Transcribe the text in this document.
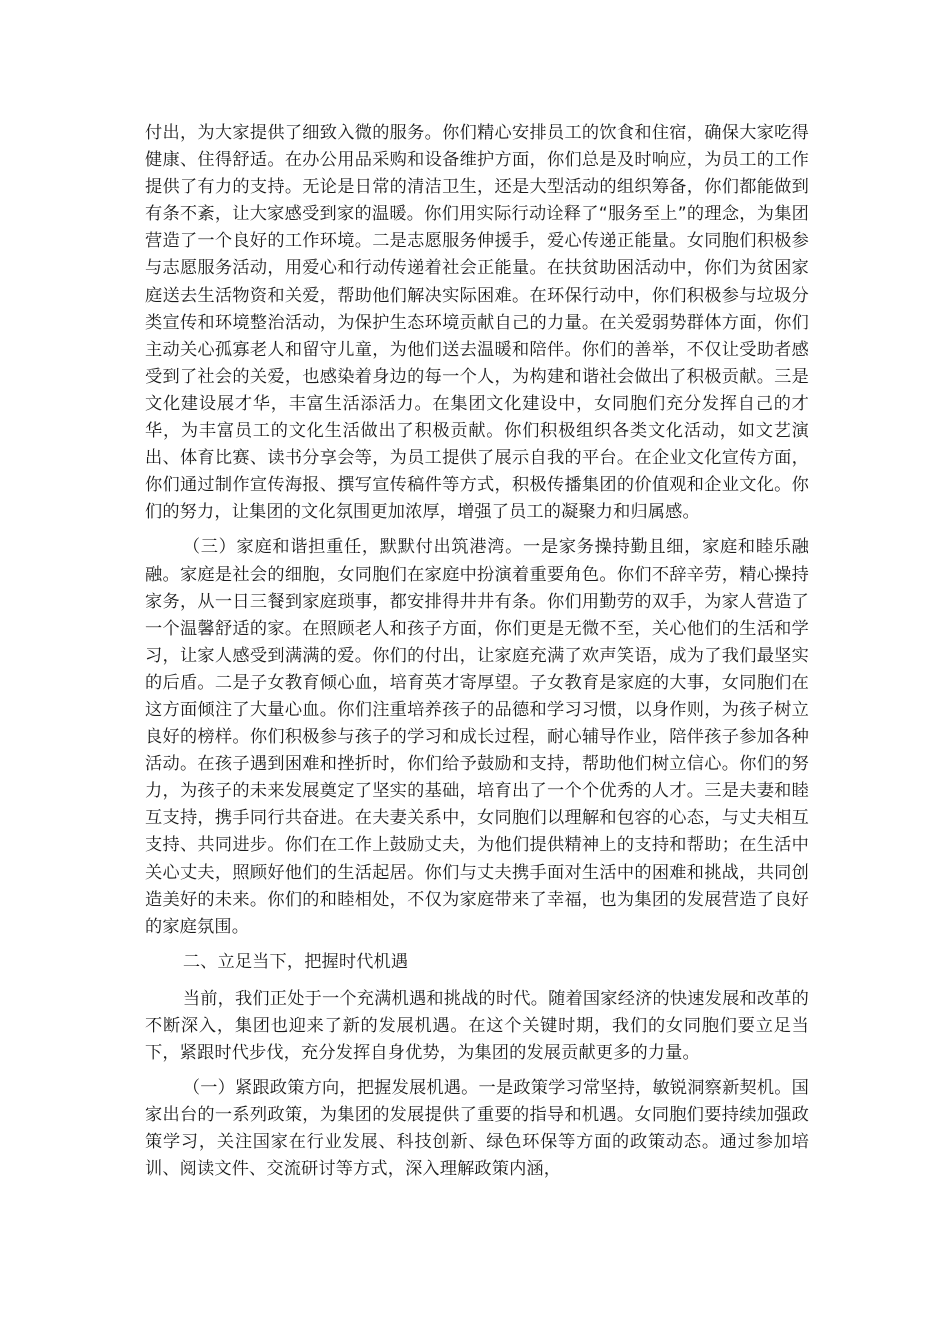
付出，为大家提供了细致入微的服务。你们精心安排员工的饮食和住宿，确保大家吃得健康、住得舒适。在办公用品采购和设备维护方面，你们总是及时响应，为员工的工作提供了有力的支持。无论是日常的清洁卫生，还是大型活动的组织筹备，你们都能做到有条不紊，让大家感受到家的温暖。你们用实际行动诠释了“服务至上”的理念，为集团营造了一个良好的工作环境。二是志愿服务伸援手，爱心传递正能量。女同胞们积极参与志愿服务活动，用爱心和行动传递着社会正能量。在扶贫助困活动中，你们为贫困家庭送去生活物资和关爱，帮助他们解决实际困难。在环保行动中，你们积极参与垃圾分类宣传和环境整治活动，为保护生态环境贡献自己的力量。在关爱弱势群体方面，你们主动关心孤寡老人和留守儿童，为他们送去温暖和陪伴。你们的善举，不仅让受助者感受到了社会的关爱，也感染着身边的每一个人，为构建和谐社会做出了积极贡献。三是文化建设展才华，丰富生活添活力。在集团文化建设中，女同胞们充分发挥自己的才华，为丰富员工的文化生活做出了积极贡献。你们积极组织各类文化活动，如文艺演出、体育比赛、读书分享会等，为员工提供了展示自我的平台。在企业文化宣传方面，你们通过制作宣传海报、撰写宣传稿件等方式，积极传播集团的价值观和企业文化。你们的努力，让集团的文化氛围更加浓厚，增强了员工的凝聚力和归属感。

（三）家庭和谐担重任，默默付出筑港湾。一是家务操持勤且细，家庭和睦乐融融。家庭是社会的细胞，女同胞们在家庭中扮演着重要角色。你们不辞辛劳，精心操持家务，从一日三餐到家庭琐事，都安排得井井有条。你们用勤劳的双手，为家人营造了一个温馨舒适的家。在照顾老人和孩子方面，你们更是无微不至，关心他们的生活和学习，让家人感受到满满的爱。你们的付出，让家庭充满了欢声笑语，成为了我们最坚实的后盾。二是子女教育倾心血，培育英才寄厚望。子女教育是家庭的大事，女同胞们在这方面倾注了大量心血。你们注重培养孩子的品德和学习习惯，以身作则，为孩子树立良好的榜样。你们积极参与孩子的学习和成长过程，耐心辅导作业，陪伴孩子参加各种活动。在孩子遇到困难和挫折时，你们给予鼓励和支持，帮助他们树立信心。你们的努力，为孩子的未来发展奠定了坚实的基础，培育出了一个个优秀的人才。三是夫妻和睦互支持，携手同行共奋进。在夫妻关系中，女同胞们以理解和包容的心态，与丈夫相互支持、共同进步。你们在工作上鼓励丈夫，为他们提供精神上的支持和帮助；在生活中关心丈夫，照顾好他们的生活起居。你们与丈夫携手面对生活中的困难和挑战，共同创造美好的未来。你们的和睦相处，不仅为家庭带来了幸福，也为集团的发展营造了良好的家庭氛围。

二、立足当下，把握时代机遇

当前，我们正处于一个充满机遇和挑战的时代。随着国家经济的快速发展和改革的不断深入，集团也迎来了新的发展机遇。在这个关键时期，我们的女同胞们要立足当下，紧跟时代步伐，充分发挥自身优势，为集团的发展贡献更多的力量。

（一）紧跟政策方向，把握发展机遇。一是政策学习常坚持，敏锐洞察新契机。国家出台的一系列政策，为集团的发展提供了重要的指导和机遇。女同胞们要持续加强政策学习，关注国家在行业发展、科技创新、绿色环保等方面的政策动态。通过参加培训、阅读文件、交流研讨等方式，深入理解政策内涵，
